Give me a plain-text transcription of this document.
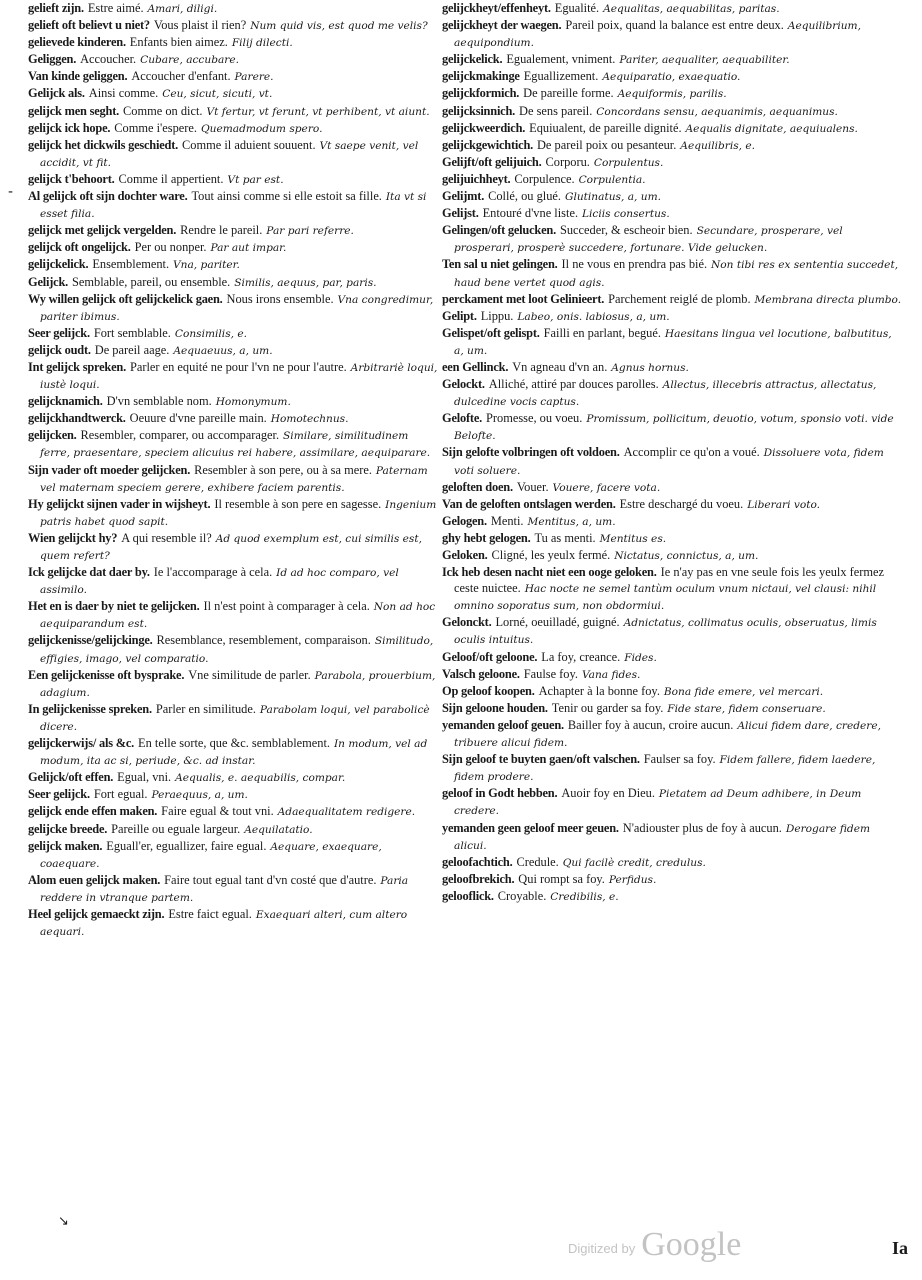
gelieft zijn. Estre aimé. Amari, diligi.

gelieft oft believt u niet? Vous plaist il rien? Num quid vis, est quod me velis?

gelievede kinderen. Enfants bien aimez. Filij dilecti.

Geliggen. Accoucher. Cubare, accubare.

Van kinde geliggen. Accoucher d'enfant. Parere.

Gelijck als. Ainsi comme. Ceu, sicut, sicuti, vt.

gelijck men seght. Comme on dict. Vt fertur, vt ferunt, vt perhibent, vt aiunt.

gelijck ick hope. Comme i'espere. Quemadmodum spero.

gelijck het dickwils geschiedt. Comme il aduient souuent. Vt saepe venit, vel accidit, vt fit.

gelijck t'behoort. Comme il appertient. Vt par est.

Al gelijck oft sijn dochter ware. Tout ainsi comme si elle estoit sa fille. Ita vt si esset filia.

gelijck met gelijck vergelden. Rendre le pareil. Par pari referre.

gelijck oft ongelijck. Per ou nonper. Par aut impar.

gelijckelick. Ensemblement. Vna, pariter.

Gelijck. Semblable, pareil, ou ensemble. Similis, aequus, par, paris.

Wy willen gelijck oft gelijckelick gaen. Nous irons ensemble. Vna congredimur, pariter ibimus.

Seer gelijck. Fort semblable. Consimilis, e.

gelijck oudt. De pareil aage. Aequaeuus, a, um.

Int gelijck spreken. Parler en equité ne pour l'vn ne pour l'autre. Arbitrariè loqui, iustè loqui.

gelijcknamich. D'vn semblable nom. Homonymum.

gelijckhandtwerck. Oeuure d'vne pareille main. Homotechnus.

gelijcken. Resembler, comparer, ou accomparager. Similare, similitudinem ferre, praesentare, speciem alicuius rei habere, assimilare, aequiparare.

Sijn vader oft moeder gelijcken. Resembler à son pere, ou à sa mere. Paternam vel maternam speciem gerere, exhibere faciem parentis.

Hy gelijckt sijnen vader in wijsheyt. Il resemble à son pere en sagesse. Ingenium patris habet quod sapit.

Wien gelijckt hy? A qui resemble il? Ad quod exemplum est, cui similis est, quem refert?

Ick gelijcke dat daer by. Ie l'accomparage à cela. Id ad hoc comparo, vel assimilo.

Het en is daer by niet te gelijcken. Il n'est point à comparager à cela. Non ad hoc aequiparandum est.

gelijckenisse/gelijckinge. Resemblance, resemblement, comparaison. Similitudo, effigies, imago, vel comparatio.

Een gelijckenisse oft bysprake. Vne similitude de parler. Parabola, prouerbium, adagium.

In gelijckenisse spreken. Parler en similitude. Parabolam loqui, vel parabolicè dicere.

gelijckerwijs/ als &c. En telle sorte, que &c. semblablement. In modum, vel ad modum, ita ac si, periude, &c. ad instar.

Gelijck/oft effen. Egual, vni. Aequalis, e. aequabilis, compar.

Seer gelijck. Fort egual. Peraequus, a, um.

gelijck ende effen maken. Faire egual & tout vni. Adaequalitatem redigere.

gelijcke breede. Pareille ou eguale largeur. Aequilatatio.

gelijck maken. Eguall'er, eguallizer, faire egual. Aequare, exaequare, coaequare.

Alom euen gelijck maken. Faire tout egual tant d'vn costé que d'autre. Paria reddere in vtranque partem.

Heel gelijck gemaeckt zijn. Estre faict egual. Exaequari alteri, cum altero aequari.

gelijckheyt/effenheyt. Egualité. Aequalitas, aequabilitas, paritas.

gelijckheyt der waegen. Pareil poix, quand la balance est entre deux. Aequilibrium, aequipondium.

gelijckelick. Egualement, vniment. Pariter, aequaliter, aequabiliter.

gelijckmakinge Eguallizement. Aequiparatio, exaequatio.

gelijckformich. De pareille forme. Aequiformis, parilis.

gelijcksinnich. De sens pareil. Concordans sensu, aequanimis, aequanimus.

gelijckweerdich. Equiualent, de pareille dignité. Aequalis dignitate, aequiualens.

gelijckgewichtich. De pareil poix ou pesanteur. Aequilibris, e.

Gelijft/oft gelijuich. Corporu. Corpulentus.

gelijuichheyt. Corpulence. Corpulentia.

Gelijmt. Collé, ou glué. Glutinatus, a, um.

Gelijst. Entouré d'vne liste. Liciis consertus.

Gelingen/oft gelucken. Succeder, & escheoir bien. Secundare, prosperare, vel prosperari, prosperè succedere, fortunare. Vide gelucken.

Ten sal u niet gelingen. Il ne vous en prendra pas bié. Non tibi res ex sententia succedet, haud bene vertet quod agis.

perckament met loot Gelinieert. Parchement reiglé de plomb. Membrana directa plumbo.

Gelipt. Lippu. Labeo, onis. labiosus, a, um.

Gelispet/oft gelispt. Failli en parlant, begué. Haesitans lingua vel locutione, balbutitus, a, um.

een Gellinck. Vn agneau d'vn an. Agnus hornus.

Gelockt. Alliché, attiré par douces parolles. Allectus, illecebris attractus, allectatus, dulcedine vocis captus.

Gelofte. Promesse, ou voeu. Promissum, pollicitum, deuotio, votum, sponsio voti. vide Belofte.

Sijn gelofte volbringen oft voldoen. Accomplir ce qu'on a voué. Dissoluere vota, fidem voti soluere.

geloften doen. Vouer. Vouere, facere vota.

Van de geloften ontslagen werden. Estre deschargé du voeu. Liberari voto.

Gelogen. Menti. Mentitus, a, um.

ghy hebt gelogen. Tu as menti. Mentitus es.

Geloken. Cligné, les yeulx fermé. Nictatus, connictus, a, um.

Ick heb desen nacht niet een ooge geloken. Ie n'ay pas en vne seule fois les yeulx fermez ceste nuictee. Hac nocte ne semel tantùm oculum vnum nictaui, vel clausi: nihil omnino soporatus sum, non obdormiui.

Gelonckt. Lorné, oeuilladé, guigné. Adnictatus, collimatus oculis, obseruatus, limis oculis intuitus.

Geloof/oft geloone. La foy, creance. Fides.

Valsch geloone. Faulse foy. Vana fides.

Op geloof koopen. Achapter à la bonne foy. Bona fide emere, vel mercari.

Sijn geloone houden. Tenir ou garder sa foy. Fide stare, fidem conseruare.

yemanden geloof geuen. Bailler foy à aucun, croire aucun. Alicui fidem dare, credere, tribuere alicui fidem.

Sijn geloof te buyten gaen/oft valschen. Faulser sa foy. Fidem fallere, fidem laedere, fidem prodere.

geloof in Godt hebben. Auoir foy en Dieu. Pietatem ad Deum adhibere, in Deum credere.

yemanden geen geloof meer geuen. N'adiouster plus de foy à aucun. Derogare fidem alicui.

geloofachtich. Credule. Qui facilè credit, credulus.

geloofbrekich. Qui rompt sa foy. Perfidus.

gelooflick. Croyable. Credibilis, e.

-
↘
Ia
Digitized by Google
